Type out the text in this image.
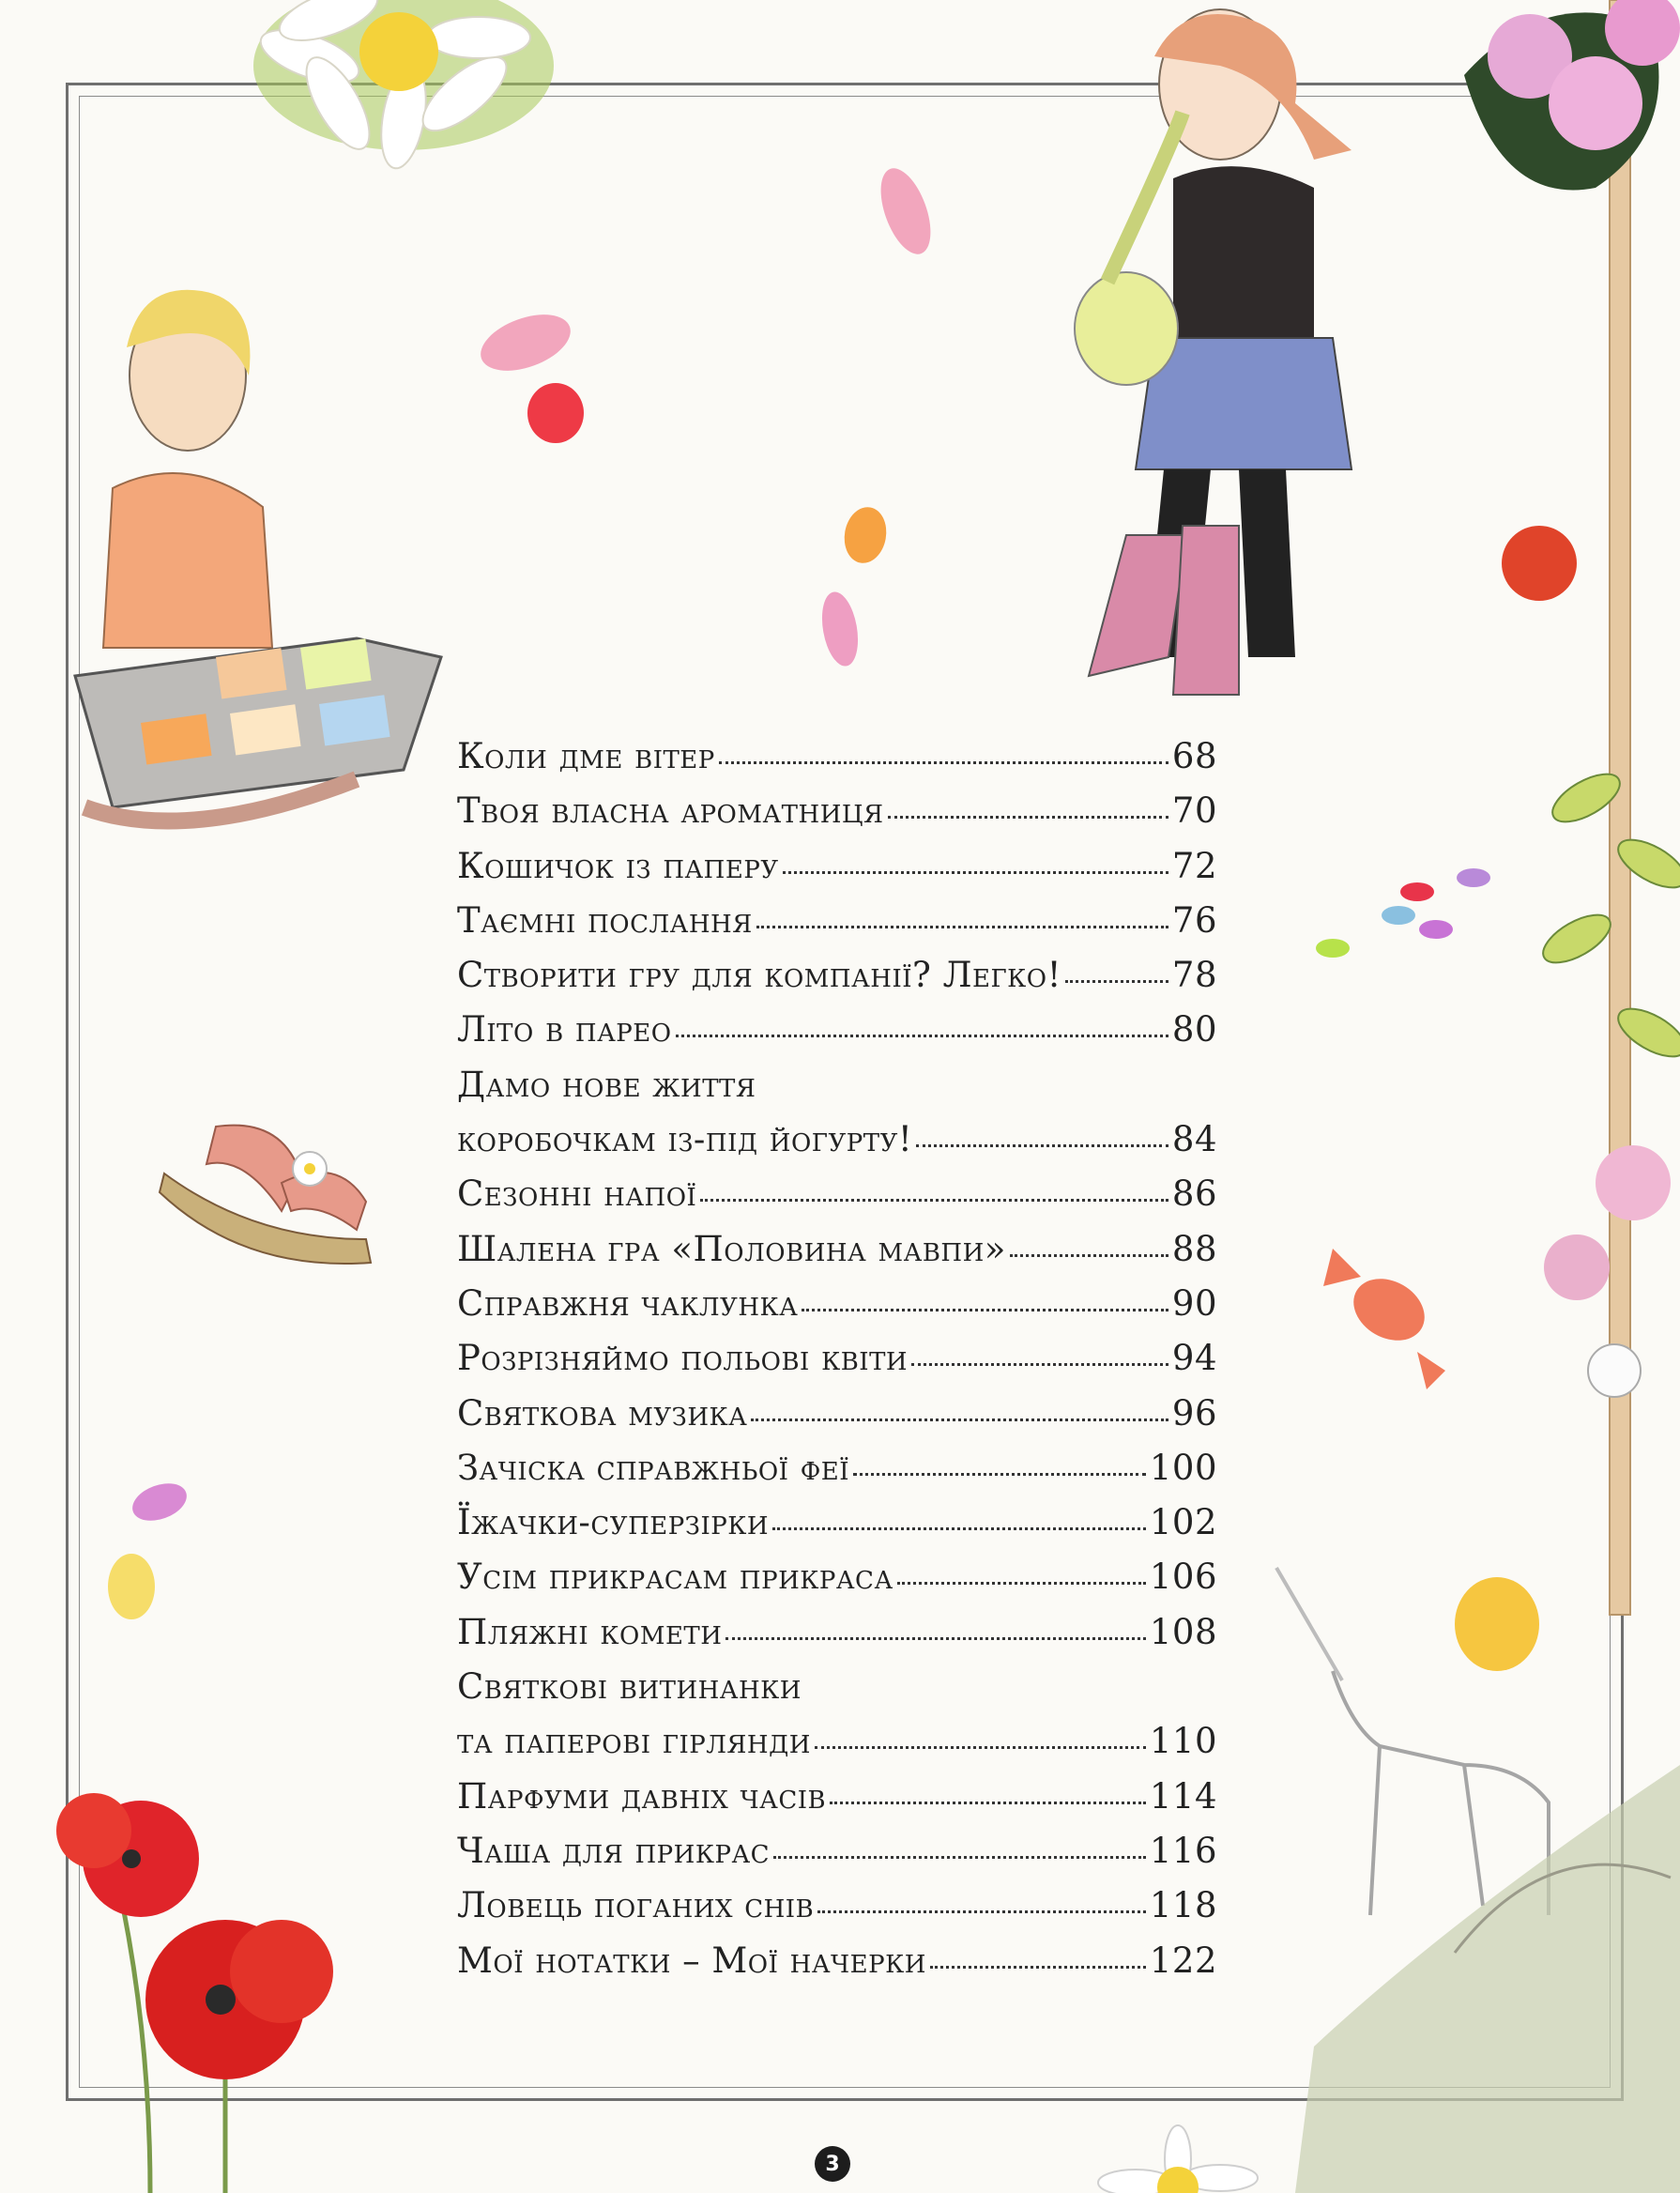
Коли дме вітер	68
Твоя власна ароматниця	70
Кошичок із паперу	72
Таємні послання	76
Створити гру для компанії? Легко!	78
Літо в парео	80
Дамо нове життя
коробочкам із-під йогурту!	84
Сезонні напої	86
Шалена гра «Половина мавпи»	88
Справжня чаклунка	90
Розрізняймо польові квіти	94
Святкова музика	96
Зачіска справжньої феї	100
Їжачки-суперзірки	102
Усім прикрасам прикраса	106
Пляжні комети	108
Святкові витинанки
та паперові гірлянди	110
Парфуми давніх часів	114
Чаша для прикрас	116
Ловець поганих снів	118
Мої нотатки – Мої начерки	122
3
